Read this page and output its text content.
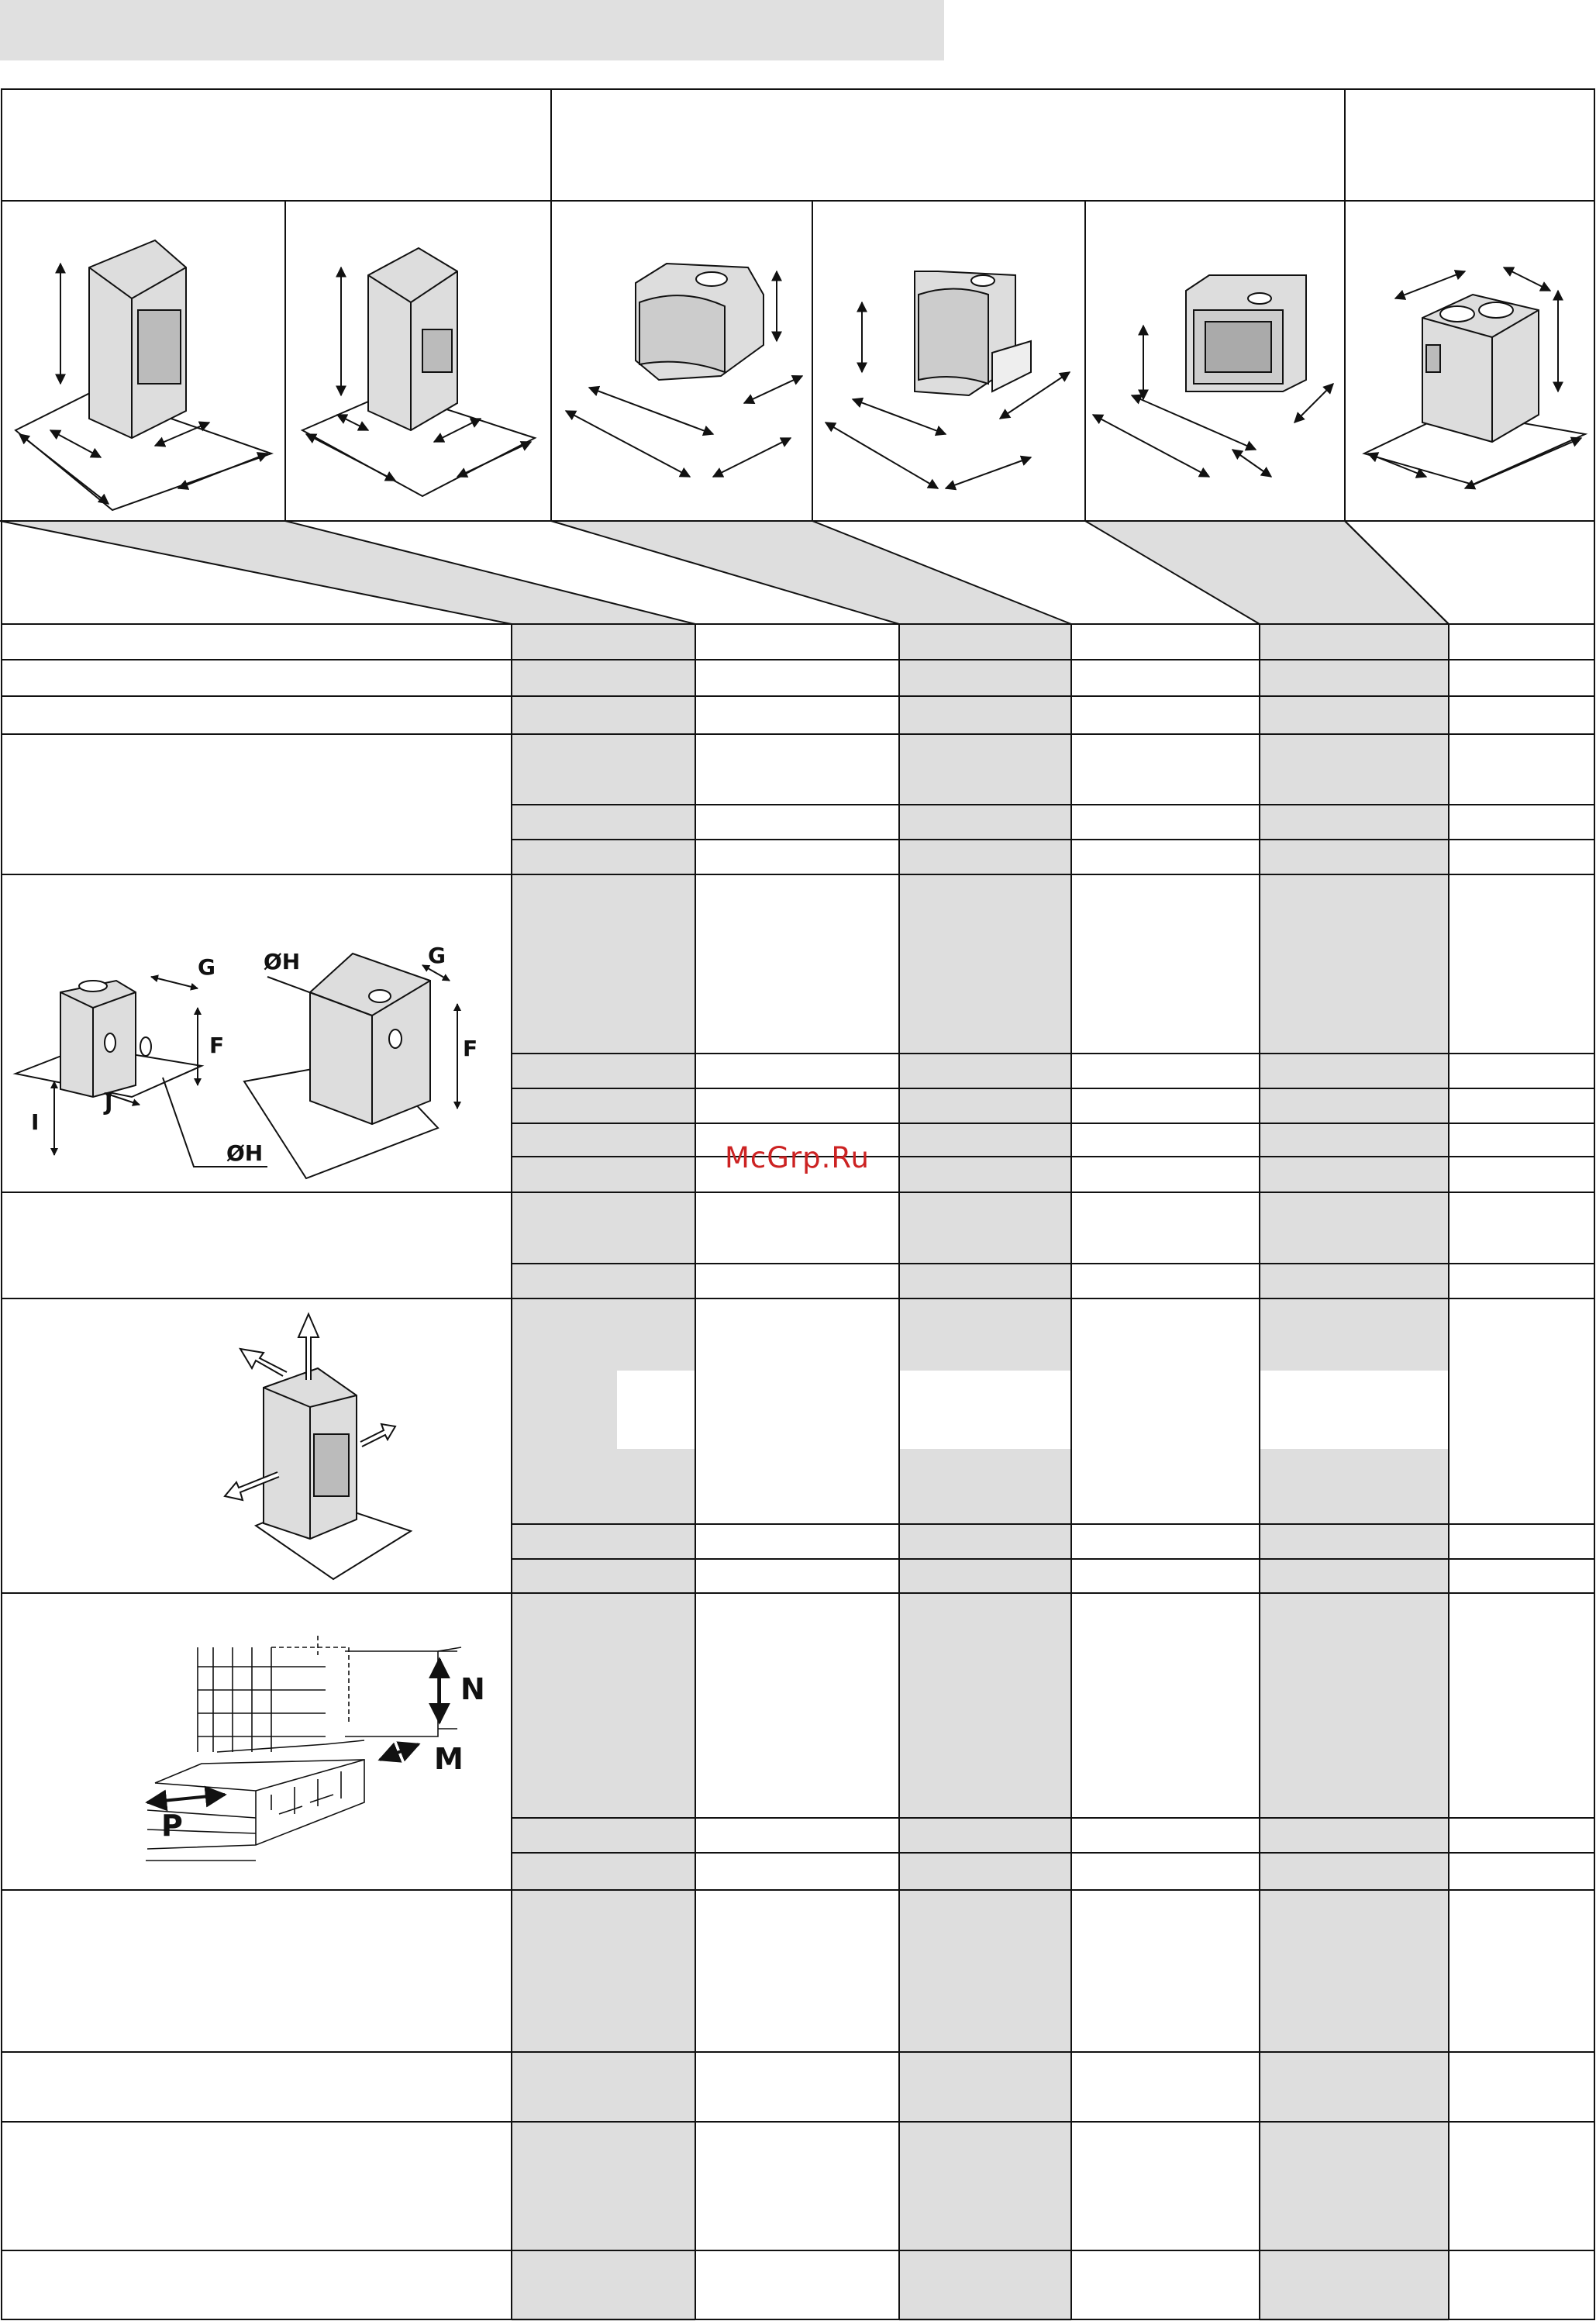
G ØH	G
F	F
I
J
ØH
N
M
P
McGrp.Ru
